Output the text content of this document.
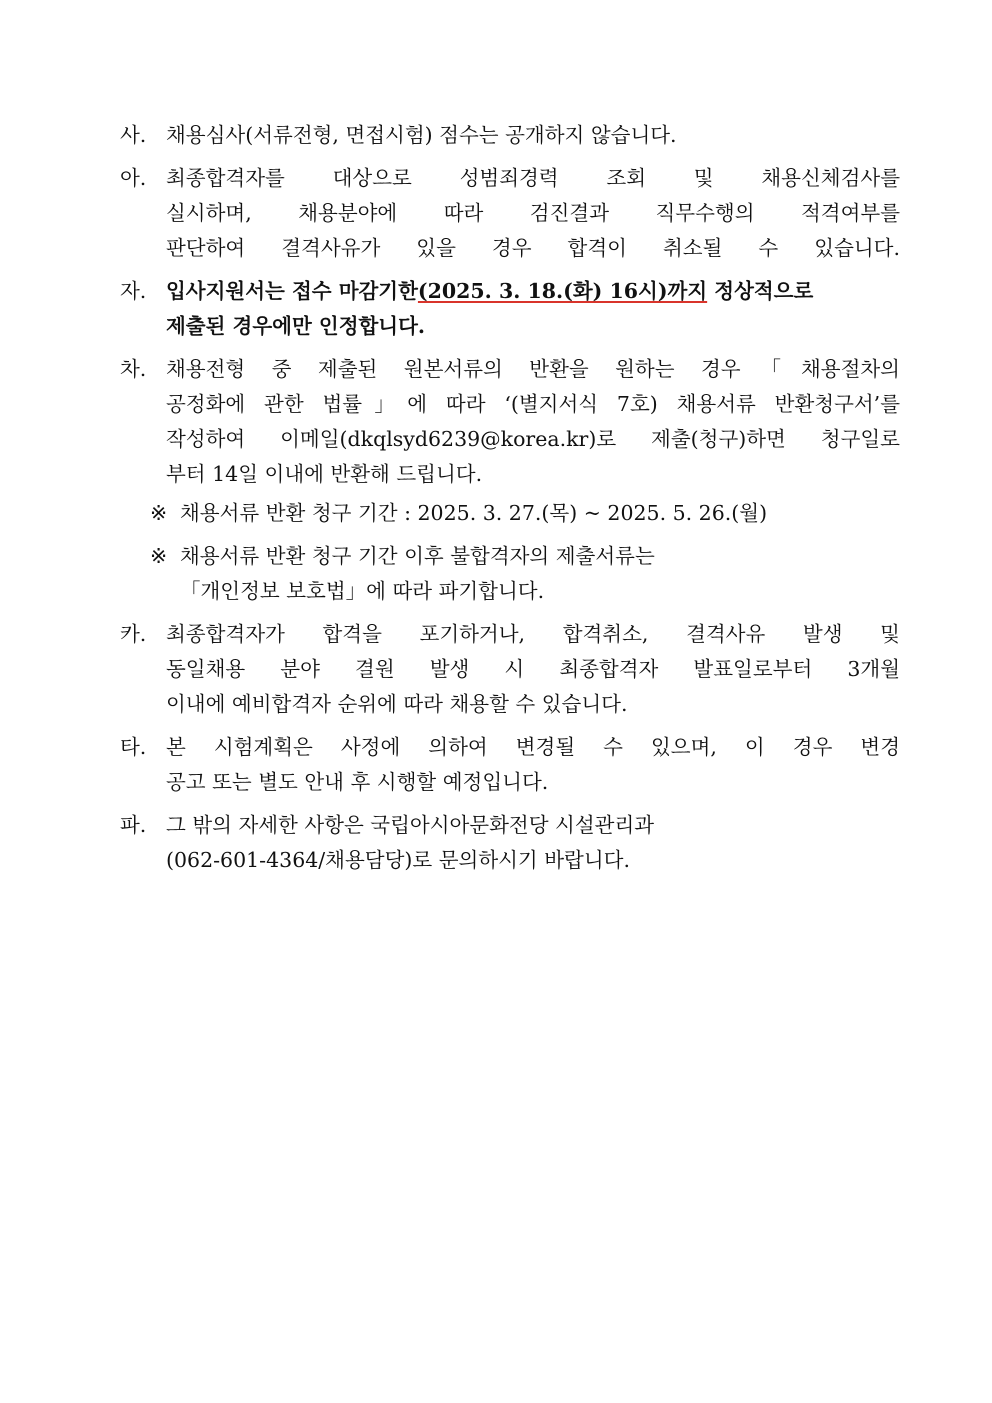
사. 채용심사(서류전형, 면접시험) 점수는 공개하지 않습니다.
아. 최종합격자를 대상으로 성범죄경력 조회 및 채용신체검사를
실시하며, 채용분야에 따라 검진결과 직무수행의 적격여부를
판단하여 결격사유가 있을 경우 합격이 취소될 수 있습니다.
자. 입사지원서는 접수 마감기한(2025. 3. 18.(화) 16시)까지 정상적으로
제출된 경우에만 인정합니다.
차. 채용전형 중 제출된 원본서류의 반환을 원하는 경우「채용절차의
공정화에 관한 법률」에 따라 ‘(별지서식 7호) 채용서류 반환청구서’를
작성하여 이메일(dkqlsyd6239@korea.kr)로 제출(청구)하면 청구일로
부터 14일 이내에 반환해 드립니다.
※ 채용서류 반환 청구 기간 : 2025. 3. 27.(목) ~ 2025. 5. 26.(월)
※ 채용서류 반환 청구 기간 이후 불합격자의 제출서류는
「개인정보 보호법」에 따라 파기합니다.
카. 최종합격자가 합격을 포기하거나, 합격취소, 결격사유 발생 및
동일채용 분야 결원 발생 시 최종합격자 발표일로부터 3개월
이내에 예비합격자 순위에 따라 채용할 수 있습니다.
타. 본 시험계획은 사정에 의하여 변경될 수 있으며, 이 경우 변경
공고 또는 별도 안내 후 시행할 예정입니다.
파. 그 밖의 자세한 사항은 국립아시아문화전당 시설관리과
(062-601-4364/채용담당)로 문의하시기 바랍니다.
